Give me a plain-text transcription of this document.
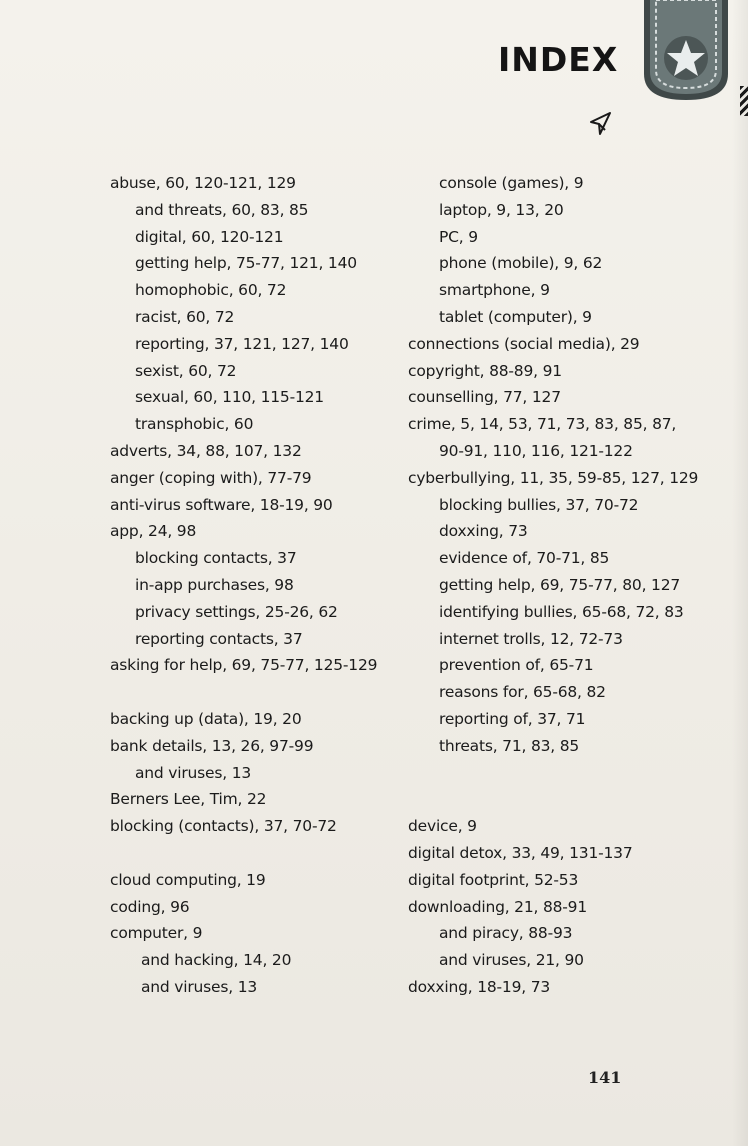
INDEX
abuse, 60, 120-121, 129
and threats, 60, 83, 85
digital, 60, 120-121
getting help, 75-77, 121, 140
homophobic, 60, 72
racist, 60, 72
reporting, 37, 121, 127, 140
sexist, 60, 72
sexual, 60, 110, 115-121
transphobic, 60
adverts, 34, 88, 107, 132
anger (coping with), 77-79
anti-virus software, 18-19, 90
app, 24, 98
blocking contacts, 37
in-app purchases, 98
privacy settings, 25-26, 62
reporting contacts, 37
asking for help, 69, 75-77, 125-129
backing up (data), 19, 20
bank details, 13, 26, 97-99
and viruses, 13
Berners Lee, Tim, 22
blocking (contacts), 37, 70-72
cloud computing, 19
coding, 96
computer, 9
and hacking, 14, 20
and viruses, 13
console (games), 9
laptop, 9, 13, 20
PC, 9
phone (mobile), 9, 62
smartphone, 9
tablet (computer), 9
connections (social media), 29
copyright, 88-89, 91
counselling, 77, 127
crime, 5, 14, 53, 71, 73, 83, 85, 87,
90-91, 110, 116, 121-122
cyberbullying, 11, 35, 59-85, 127, 129
blocking bullies, 37, 70-72
doxxing, 73
evidence of, 70-71, 85
getting help, 69, 75-77, 80, 127
identifying bullies, 65-68, 72, 83
internet trolls, 12, 72-73
prevention of, 65-71
reasons for, 65-68, 82
reporting of, 37, 71
threats, 71, 83, 85
device, 9
digital detox, 33, 49, 131-137
digital footprint, 52-53
downloading, 21, 88-91
and piracy, 88-93
and viruses, 21, 90
doxxing, 18-19, 73
141
